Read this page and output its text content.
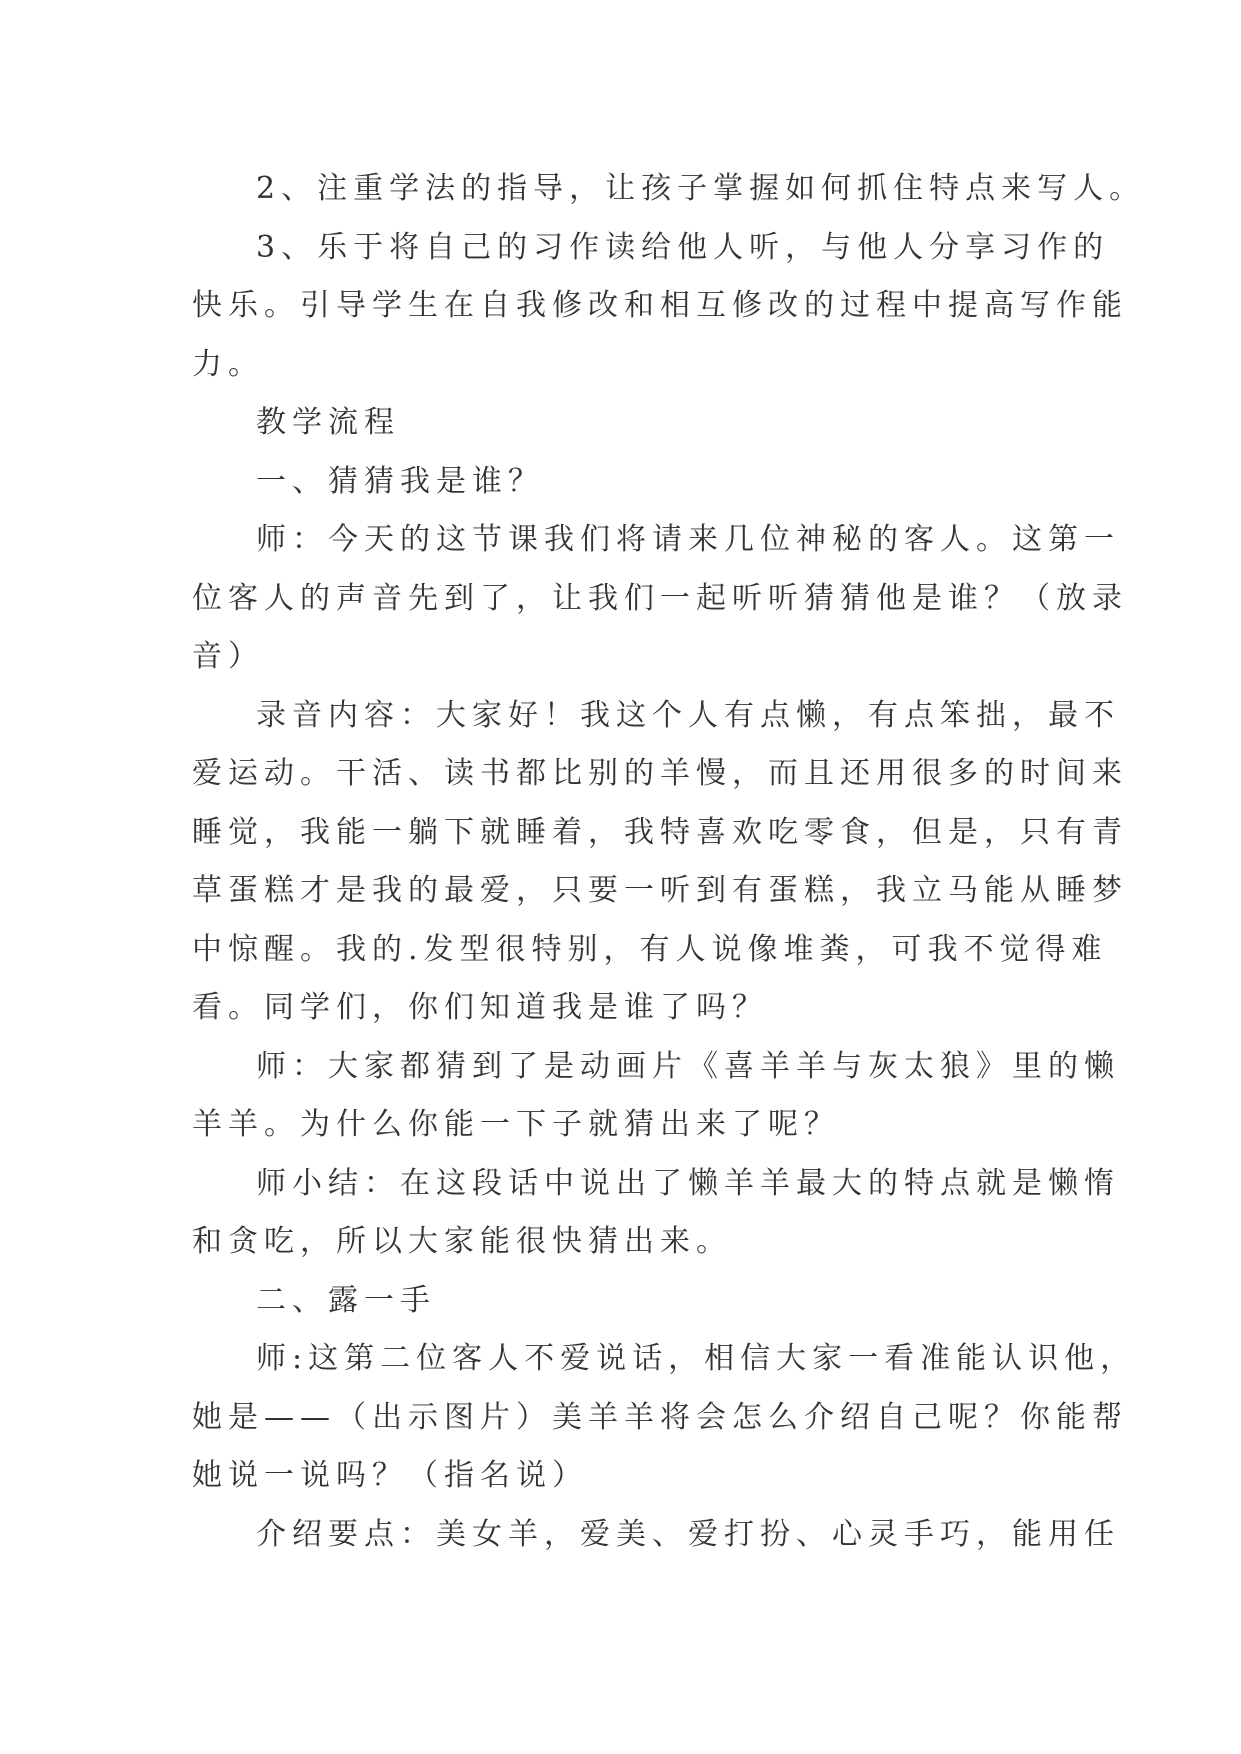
2、注重学法的指导，让孩子掌握如何抓住特点来写人。
3、乐于将自己的习作读给他人听，与他人分享习作的
快乐。引导学生在自我修改和相互修改的过程中提高写作能
力。
教学流程
一、猜猜我是谁？
师：今天的这节课我们将请来几位神秘的客人。这第一
位客人的声音先到了，让我们一起听听猜猜他是谁？（放录
音）
录音内容：大家好！我这个人有点懒，有点笨拙，最不
爱运动。干活、读书都比别的羊慢，而且还用很多的时间来
睡觉，我能一躺下就睡着，我特喜欢吃零食，但是，只有青
草蛋糕才是我的最爱，只要一听到有蛋糕，我立马能从睡梦
中惊醒。我的.发型很特别，有人说像堆粪，可我不觉得难
看。同学们，你们知道我是谁了吗？
师：大家都猜到了是动画片《喜羊羊与灰太狼》里的懒
羊羊。为什么你能一下子就猜出来了呢？
师小结：在这段话中说出了懒羊羊最大的特点就是懒惰
和贪吃，所以大家能很快猜出来。
二、露一手
师:这第二位客人不爱说话，相信大家一看准能认识他，
她是——（出示图片）美羊羊将会怎么介绍自己呢？你能帮
她说一说吗？（指名说）
介绍要点：美女羊，爱美、爱打扮、心灵手巧，能用任
